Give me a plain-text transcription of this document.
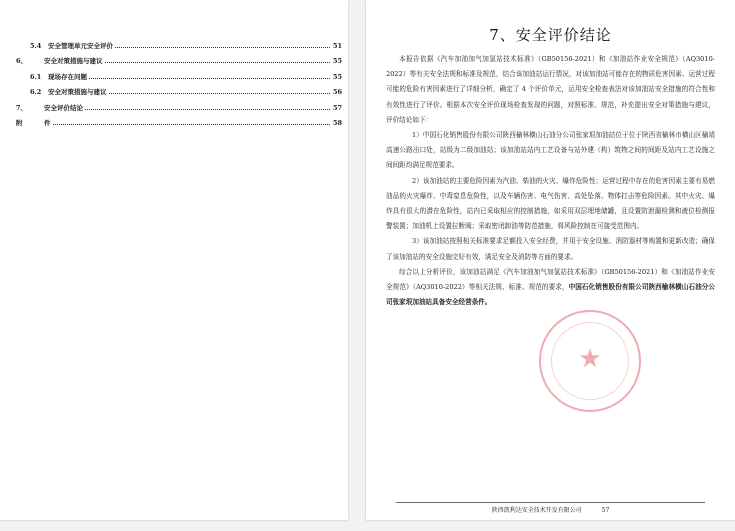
5.4	安全管理单元安全评价	51
6、	安全对策措施与建议	55
6.1	现场存在问题	55
6.2	安全对策措施与建议	56
7、	安全评价结论	57
附	件	58
7、安全评价结论

本报告依据《汽车加油加气加氢站技术标准》（GB50156-2021）和《加油站作业安全规范》（AQ3010-2022）等有关安全法规和标准及规范，结合该加油站运行情况，对该加油站可能存在的物质危害因素、运营过程可能的危险有害因素进行了详细分析，确定了 4 个评价单元，运用安全检查表法对该加油站安全措施的符合性和有效性进行了评价。根据本次安全评价现场检查发现的问题，对照标准、规范，补充提出安全对策措施与建议，评价结论如下：

1）中国石化销售股份有限公司陕西榆林横山石油分公司张家垠加油站位于位于陕西省榆林市横山区榆靖高速公路出口处，站级为二级加油站；该加油站站内工艺设备与站外建（构）筑物之间的间距及站内工艺设施之间间距均满足规范要求。

2）该加油站的主要危险因素为汽油、柴油的火灾、爆炸危险性；运营过程中存在的危害因素主要有易燃油品的火灾爆炸、中毒窒息危险性，以及车辆伤害、电气伤害、高处坠落、物体打击等危险因素。其中火灾、爆炸具有很大的潜在危险性，站内已采取相应的控制措施，如采用双层埋地储罐，且设置防泄漏检测和液位检测报警装置；加油机上设置拉断阀；采取密闭卸油等防范措施，将风险控制在可接受范围内。

3）该加油站按照相关标准要求足额投入安全经费，并用于安全设施、消防器材等购置和更新改造；确保了该加油站的安全设施完好有效，满足安全及消防等方面的要求。

综合以上分析评价，该加油站满足《汽车加油加气加氢站技术标准》（GB50156-2021）和《加油站作业安全规范》（AQ3010-2022）等相关法规、标准、规范的要求，中国石化销售股份有限公司陕西榆林横山石油分公司张家垠加油站具备安全经营条件。

★
陕西凯利达安全技术开发有限公司	57
